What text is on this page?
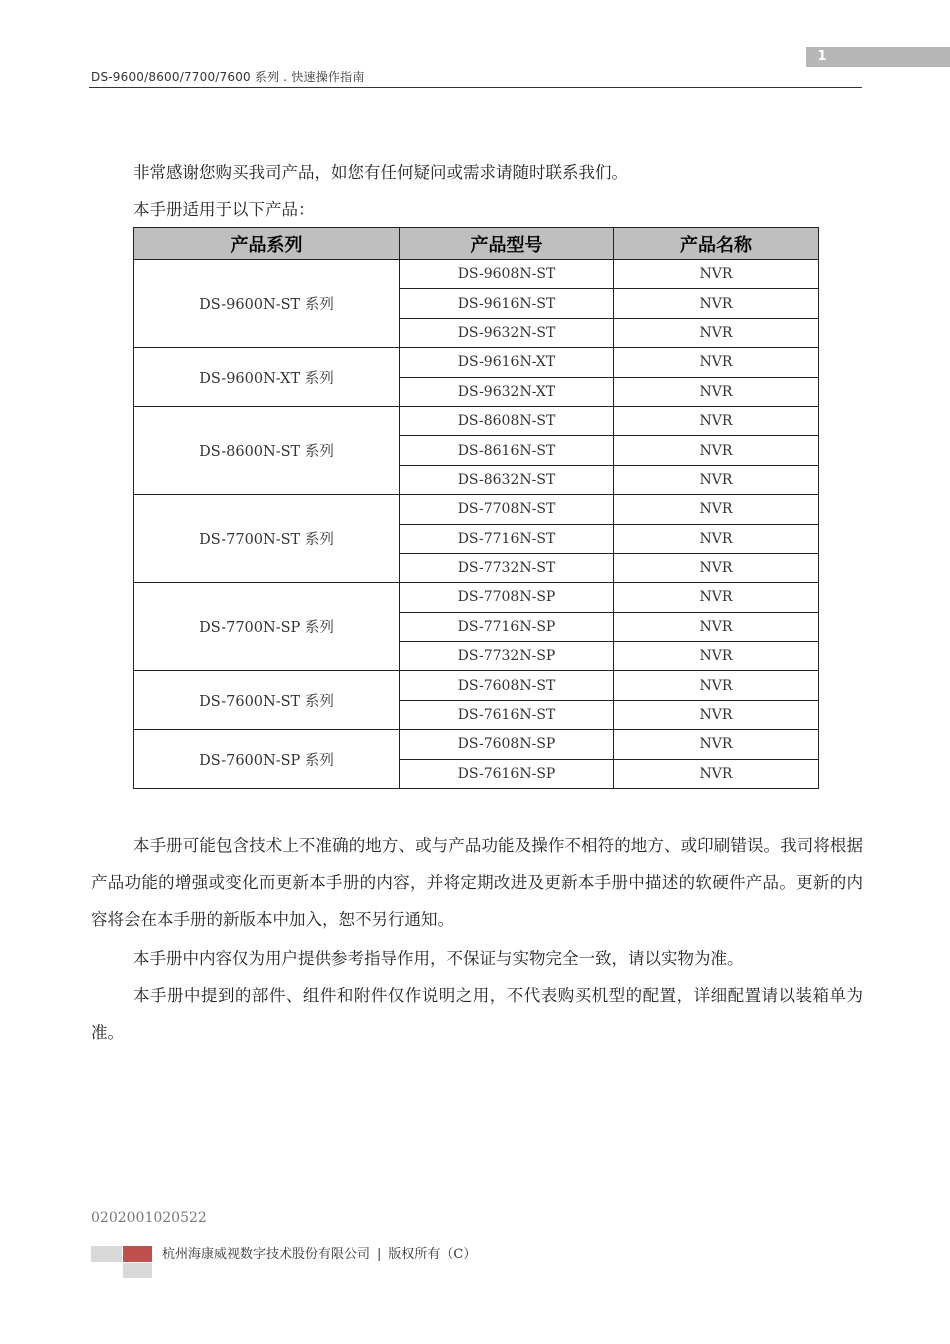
1
DS-9600/8600/7700/7600 系列 . 快速操作指南
非常感谢您购买我司产品，如您有任何疑问或需求请随时联系我们。
本手册适用于以下产品：
产品系列	产品型号	产品名称
DS-9600N-ST 系列	DS-9608N-ST	NVR
	DS-9616N-ST	NVR
	DS-9632N-ST	NVR
DS-9600N-XT 系列	DS-9616N-XT	NVR
	DS-9632N-XT	NVR
DS-8600N-ST 系列	DS-8608N-ST	NVR
	DS-8616N-ST	NVR
	DS-8632N-ST	NVR
DS-7700N-ST 系列	DS-7708N-ST	NVR
	DS-7716N-ST	NVR
	DS-7732N-ST	NVR
DS-7700N-SP 系列	DS-7708N-SP	NVR
	DS-7716N-SP	NVR
	DS-7732N-SP	NVR
DS-7600N-ST 系列	DS-7608N-ST	NVR
	DS-7616N-ST	NVR
DS-7600N-SP 系列	DS-7608N-SP	NVR
	DS-7616N-SP	NVR
本手册可能包含技术上不准确的地方、或与产品功能及操作不相符的地方、或印刷错误。我司将根据产品功能的增强或变化而更新本手册的内容，并将定期改进及更新本手册中描述的软硬件产品。更新的内容将会在本手册的新版本中加入，恕不另行通知。
本手册中内容仅为用户提供参考指导作用，不保证与实物完全一致，请以实物为准。
本手册中提到的部件、组件和附件仅作说明之用，不代表购买机型的配置，详细配置请以装箱单为准。
0202001020522
杭州海康威视数字技术股份有限公司 | 版权所有（C）
